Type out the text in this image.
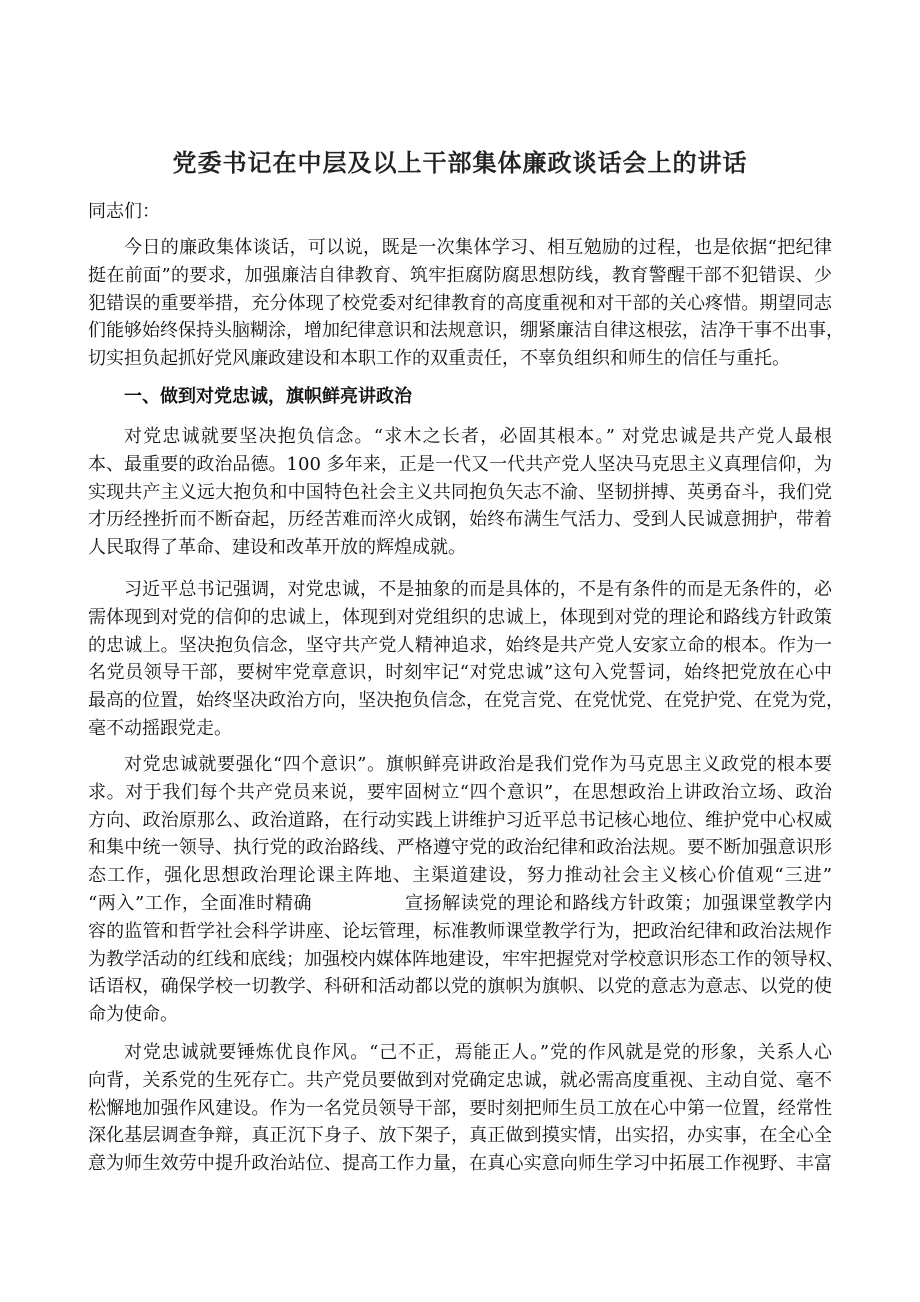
党委书记在中层及以上干部集体廉政谈话会上的讲话
同志们：
今日的廉政集体谈话，可以说，既是一次集体学习、相互勉励的过程，也是依据“把纪律
挺在前面”的要求，加强廉洁自律教育、筑牢拒腐防腐思想防线，教育警醒干部不犯错误、少
犯错误的重要举措，充分体现了校党委对纪律教育的高度重视和对干部的关心疼惜。期望同志
们能够始终保持头脑糊涂，增加纪律意识和法规意识，绷紧廉洁自律这根弦，洁净干事不出事，
切实担负起抓好党风廉政建设和本职工作的双重责任，不辜负组织和师生的信任与重托。
一、做到对党忠诚，旗帜鲜亮讲政治
对党忠诚就要坚决抱负信念。“求木之长者，必固其根本。” 对党忠诚是共产党人最根
本、最重要的政治品德。100 多年来，正是一代又一代共产党人坚决马克思主义真理信仰，为
实现共产主义远大抱负和中国特色社会主义共同抱负矢志不渝、坚韧拼搏、英勇奋斗，我们党
才历经挫折而不断奋起，历经苦难而淬火成钢，始终布满生气活力、受到人民诚意拥护，带着
人民取得了革命、建设和改革开放的辉煌成就。
习近平总书记强调，对党忠诚，不是抽象的而是具体的，不是有条件的而是无条件的，必
需体现到对党的信仰的忠诚上，体现到对党组织的忠诚上，体现到对党的理论和路线方针政策
的忠诚上。坚决抱负信念，坚守共产党人精神追求，始终是共产党人安家立命的根本。作为一
名党员领导干部，要树牢党章意识，时刻牢记“对党忠诚”这句入党誓词，始终把党放在心中
最高的位置，始终坚决政治方向，坚决抱负信念，在党言党、在党忧党、在党护党、在党为党，
毫不动摇跟党走。
对党忠诚就要强化“四个意识”。旗帜鲜亮讲政治是我们党作为马克思主义政党的根本要
求。对于我们每个共产党员来说，要牢固树立“四个意识”，在思想政治上讲政治立场、政治
方向、政治原那么、政治道路，在行动实践上讲维护习近平总书记核心地位、维护党中心权威
和集中统一领导、执行党的政治路线、严格遵守党的政治纪律和政治法规。要不断加强意识形
态工作，强化思想政治理论课主阵地、主渠道建设，努力推动社会主义核心价值观“三进”
“两入”工作，全面准时精确　　　　　宣扬解读党的理论和路线方针政策；加强课堂教学内
容的监管和哲学社会科学讲座、论坛管理，标准教师课堂教学行为，把政治纪律和政治法规作
为教学活动的红线和底线；加强校内媒体阵地建设，牢牢把握党对学校意识形态工作的领导权、
话语权，确保学校一切教学、科研和活动都以党的旗帜为旗帜、以党的意志为意志、以党的使
命为使命。
对党忠诚就要锤炼优良作风。“己不正，焉能正人。”党的作风就是党的形象，关系人心
向背，关系党的生死存亡。共产党员要做到对党确定忠诚，就必需高度重视、主动自觉、毫不
松懈地加强作风建设。作为一名党员领导干部，要时刻把师生员工放在心中第一位置，经常性
深化基层调查争辩，真正沉下身子、放下架子，真正做到摸实情，出实招，办实事，在全心全
意为师生效劳中提升政治站位、提高工作力量，在真心实意向师生学习中拓展工作视野、丰富
